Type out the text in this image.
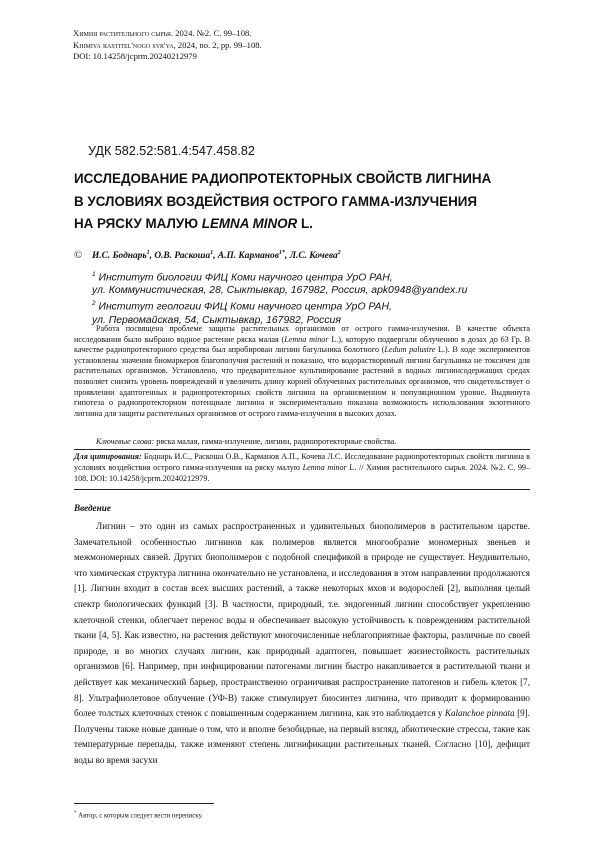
Химия растительного сырья. 2024. №2. С. 99–108.
Khimiya rastitel'nogo syr'ya, 2024, no. 2, pp. 99–108.
DOI: 10.14258/jcprm.20240212979
УДК 582.52:581.4:547.458.82
ИССЛЕДОВАНИЕ РАДИОПРОТЕКТОРНЫХ СВОЙСТВ ЛИГНИНА
В УСЛОВИЯХ ВОЗДЕЙСТВИЯ ОСТРОГО ГАММА-ИЗЛУЧЕНИЯ
НА РЯСКУ МАЛУЮ LEMNA MINOR L.
© И.С. Боднарь$^1$, О.В. Раскоша$^1$, А.П. Карманов$^{1*}$, Л.С. Кочева$^2$
$^1$ Институт биологии ФИЦ Коми научного центра УрО РАН,
ул. Коммунистическая, 28, Сыктывкар, 167982, Россия, apk0948@yandex.ru
$^2$ Институт геологии ФИЦ Коми научного центра УрО РАН,
ул. Первомайская, 54, Сыктывкар, 167982, Россия
Работа посвящена проблеме защиты растительных организмов от острого гамма-излучения. В качестве объекта исследования было выбрано водное растение ряска малая (Lemna minor L.), которую подвергали облучению в дозах до 63 Гр. В качестве радиопротекторного средства был апробирован лигнин багульника болотного (Ledum palustre L.). В ходе экспериментов установлены значения биомаркеров благополучия растений и показано, что водорастворимый лигнин багульника не токсичен для растительных организмов. Установлено, что предварительное культивирование растений в водных лигнинсодержащих средах позволяет снизить уровень повреждений и увеличить длину корней облученных растительных организмов, что свидетельствует о проявлении адаптогенных и радиопротекторных свойств лигнина на организменном и популяционном уровне. Выдвинута гипотеза о радиопротекторном потенциале лигнина и экспериментально показана возможность использования экзогенного лигнина для защиты растительных организмов от острого гамма-излучения в высоких дозах.
Ключевые слова: ряска малая, гамма-излучение, лигнин, радиопротекторные свойства.
Для цитирования: Боднарь И.С., Раскоша О.В., Карманов А.П., Кочева Л.С. Исследование радиопротекторных свойств лигнина в условиях воздействия острого гамма-излучения на ряску малую Lemna minor L. // Химия растительного сырья. 2024. №2. С. 99–108. DOI: 10.14258/jcprm.20240212979.
Введение
Лигнин – это один из самых распространенных и удивительных биополимеров в растительном царстве. Замечательной особенностью лигнинов как полимеров является многообразие мономерных звеньев и межмономерных связей. Других биополимеров с подобной спецификой в природе не существует. Неудивительно, что химическая структура лигнина окончательно не установлена, и исследования в этом направлении продолжаются [1]. Лигнин входит в состав всех высших растений, а также некоторых мхов и водорослей [2], выполняя целый спектр биологических функций [3]. В частности, природный, т.е. эндогенный лигнин способствует укреплению клеточной стенки, облегчает перенос воды и обеспечивает высокую устойчивость к повреждениям растительной ткани [4, 5]. Как известно, на растения действуют многочисленные неблагоприятные факторы, различные по своей природе, и во многих случаях лигнин, как природный адаптоген, повышает жизнестойкость растительных организмов [6]. Например, при инфицировании патогенами лигнин быстро накапливается в растительной ткани и действует как механический барьер, пространственно ограничивая распространение патогенов и гибель клеток [7, 8]. Ультрафиолетовое облучение (УФ-В) также стимулирует биосинтез лигнина, что приводит к формированию более толстых клеточных стенок с повышенным содержанием лигнина, как это наблюдается у Kalanchoe pinnata [9]. Получены также новые данные о том, что и вполне безобидные, на первый взгляд, абиотические стрессы, такие как температурные перепады, также изменяют степень лигнификации растительных тканей. Согласно [10], дефицит воды во время засухи
* Автор, с которым следует вести переписку.
